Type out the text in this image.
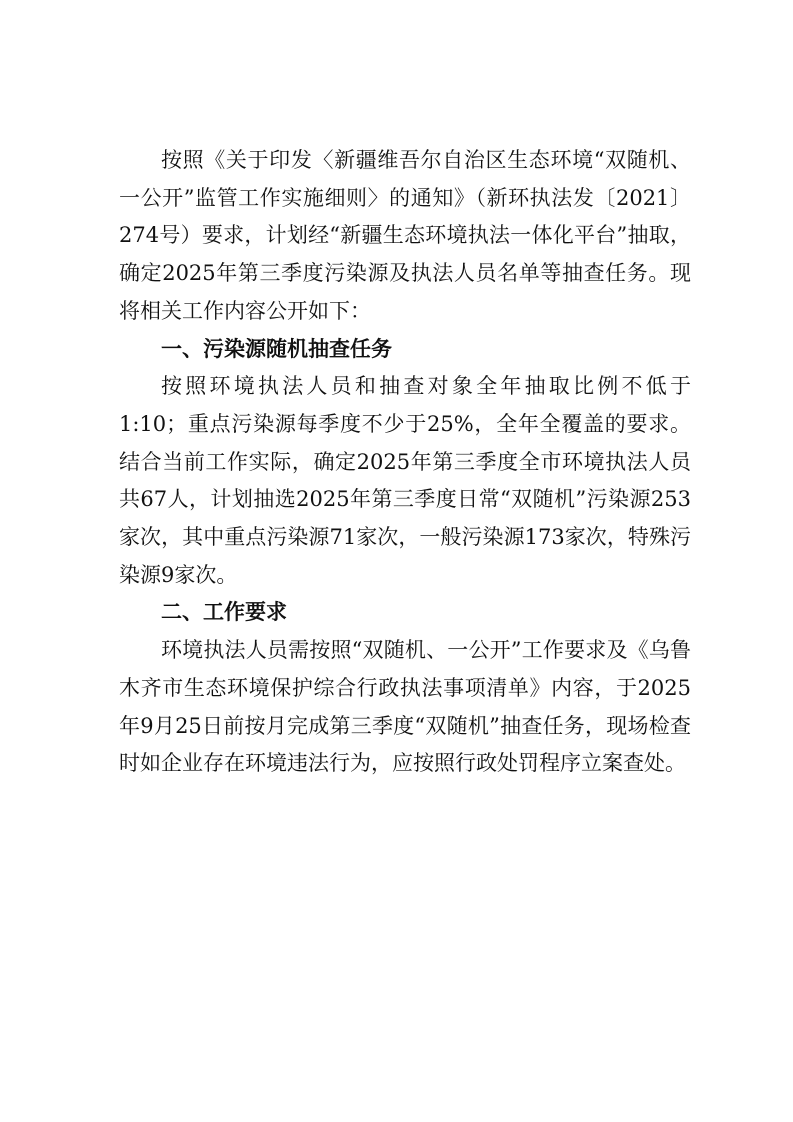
按照《关于印发〈新疆维吾尔自治区生态环境“双随机、一公开”监管工作实施细则〉的通知》（新环执法发〔2021〕274号）要求，计划经“新疆生态环境执法一体化平台”抽取，确定2025年第三季度污染源及执法人员名单等抽查任务。现将相关工作内容公开如下：

一、污染源随机抽查任务

按照环境执法人员和抽查对象全年抽取比例不低于1:10；重点污染源每季度不少于25%，全年全覆盖的要求。结合当前工作实际，确定2025年第三季度全市环境执法人员共67人，计划抽选2025年第三季度日常“双随机”污染源253家次，其中重点污染源71家次，一般污染源173家次，特殊污染源9家次。

二、工作要求

环境执法人员需按照“双随机、一公开”工作要求及《乌鲁木齐市生态环境保护综合行政执法事项清单》内容，于2025年9月25日前按月完成第三季度“双随机”抽查任务，现场检查时如企业存在环境违法行为，应按照行政处罚程序立案查处。
